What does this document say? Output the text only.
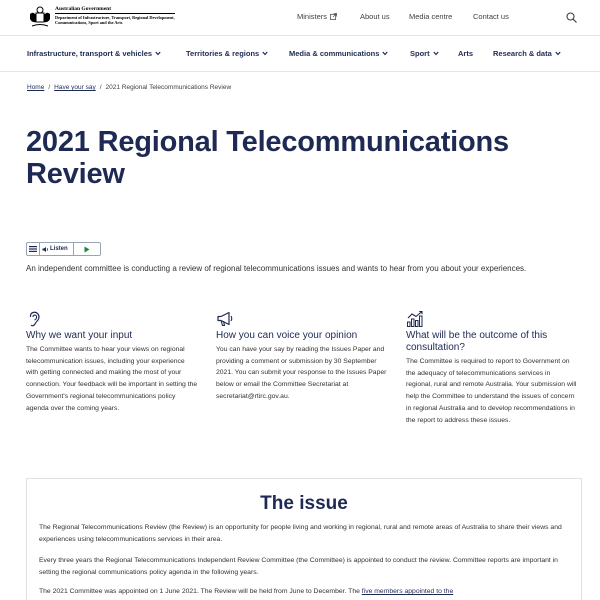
Australian Government
Department of Infrastructure, Transport, Regional Development, Communications, Sport and the Arts
Ministers	About us	Media centre	Contact us
Infrastructure, transport & vehicles	Territories & regions	Media & communications	Sport	Arts	Research & data
Home / Have your say / 2021 Regional Telecommunications Review
2021 Regional Telecommunications Review
Listen

An independent committee is conducting a review of regional telecommunications issues and wants to hear from you about your experiences.

Why we want your input

The Committee wants to hear your views on regional telecommunication issues, including your experience with getting connected and making the most of your connection. Your feedback will be important in setting the Government's regional telecommunications policy agenda over the coming years.

How you can voice your opinion

You can have your say by reading the Issues Paper and providing a comment or submission by 30 September 2021. You can submit your response to the Issues Paper below or email the Committee Secretariat at secretariat@rtirc.gov.au.

What will be the outcome of this consultation?

The Committee is required to report to Government on the adequacy of telecommunications services in regional, rural and remote Australia. Your submission will help the Committee to understand the issues of concern in regional Australia and to develop recommendations in the report to address these issues.

The issue

The Regional Telecommunications Review (the Review) is an opportunity for people living and working in regional, rural and remote areas of Australia to share their views and experiences using telecommunications services in their area.

Every three years the Regional Telecommunications Independent Review Committee (the Committee) is appointed to conduct the review. Committee reports are important in setting the regional communications policy agenda in the following years.

The 2021 Committee was appointed on 1 June 2021. The Review will be held from June to December. The five members appointed to the
